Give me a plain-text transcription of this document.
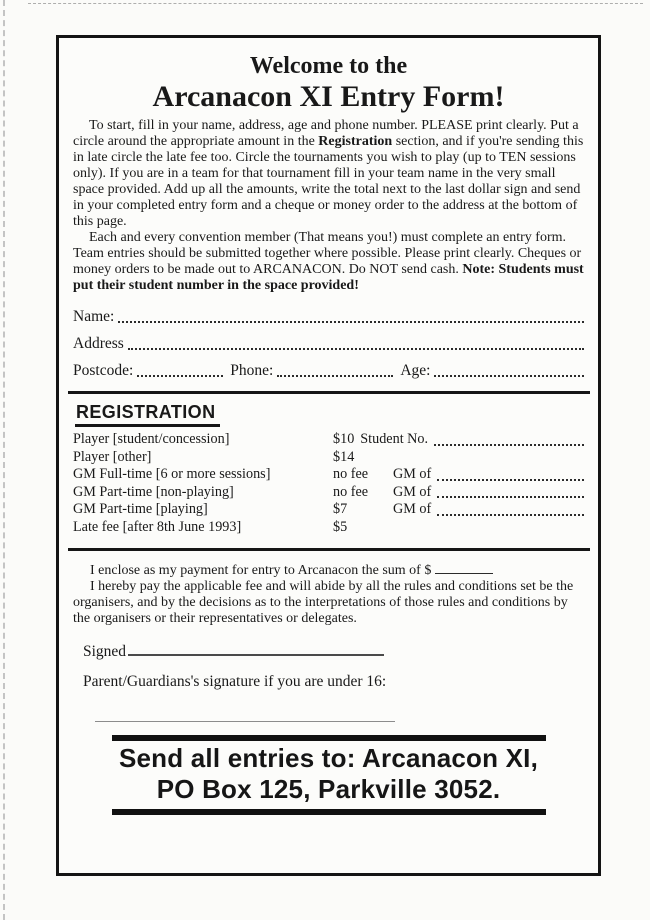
Welcome to the
Arcanacon XI Entry Form!

To start, fill in your name, address, age and phone number. PLEASE print clearly. Put a circle around the appropriate amount in the Registration section, and if you're sending this in late circle the late fee too. Circle the tournaments you wish to play (up to TEN sessions only). If you are in a team for that tournament fill in your team name in the very small space provided. Add up all the amounts, write the total next to the last dollar sign and send in your completed entry form and a cheque or money order to the address at the bottom of this page.

Each and every convention member (That means you!) must complete an entry form. Team entries should be submitted together where possible. Please print clearly. Cheques or money orders to be made out to ARCANACON. Do NOT send cash. Note: Students must put their student number in the space provided!

Name:
Address
Postcode:	Phone:	Age:
REGISTRATION
Player [student/concession]	$10 Student No.
Player [other]	$14
GM Full-time [6 or more sessions]	no fee	GM of
GM Part-time [non-playing]	no fee	GM of
GM Part-time [playing]	$7	GM of
Late fee [after 8th June 1993]	$5

I enclose as my payment for entry to Arcanacon the sum of $

I hereby pay the applicable fee and will abide by all the rules and conditions set be the organisers, and by the decisions as to the interpretations of those rules and conditions by the organisers or their representatives or delegates.

Signed

Parent/Guardians's signature if you are under 16:

Send all entries to: Arcanacon XI,
PO Box 125, Parkville 3052.
